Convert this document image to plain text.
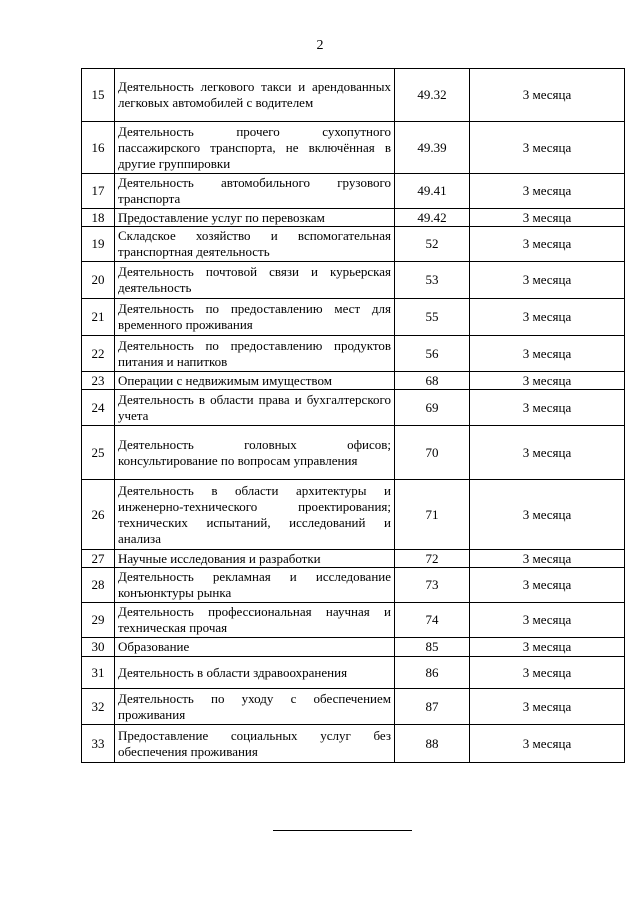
2
15	Деятельность легкового такси и арендованных легковых автомобилей с водителем	49.32	3 месяца
16	Деятельность прочего сухопутного пассажирского транспорта, не включённая в другие группировки	49.39	3 месяца
17	Деятельность автомобильного грузового транспорта	49.41	3 месяца
18	Предоставление услуг по перевозкам	49.42	3 месяца
19	Складское хозяйство и вспомогательная транспортная деятельность	52	3 месяца
20	Деятельность почтовой связи и курьерская деятельность	53	3 месяца
21	Деятельность по предоставлению мест для временного проживания	55	3 месяца
22	Деятельность по предоставлению продуктов питания и напитков	56	3 месяца
23	Операции с недвижимым имуществом	68	3 месяца
24	Деятельность в области права и бухгалтерского учета	69	3 месяца
25	Деятельность головных офисов; консультирование по вопросам управления	70	3 месяца
26	Деятельность в области архитектуры и инженерно-технического проектирования; технических испытаний, исследований и анализа	71	3 месяца
27	Научные исследования и разработки	72	3 месяца
28	Деятельность рекламная и исследование конъюнктуры рынка	73	3 месяца
29	Деятельность профессиональная научная и техническая прочая	74	3 месяца
30	Образование	85	3 месяца
31	Деятельность в области здравоохранения	86	3 месяца
32	Деятельность по уходу с обеспечением проживания	87	3 месяца
33	Предоставление социальных услуг без обеспечения проживания	88	3 месяца
